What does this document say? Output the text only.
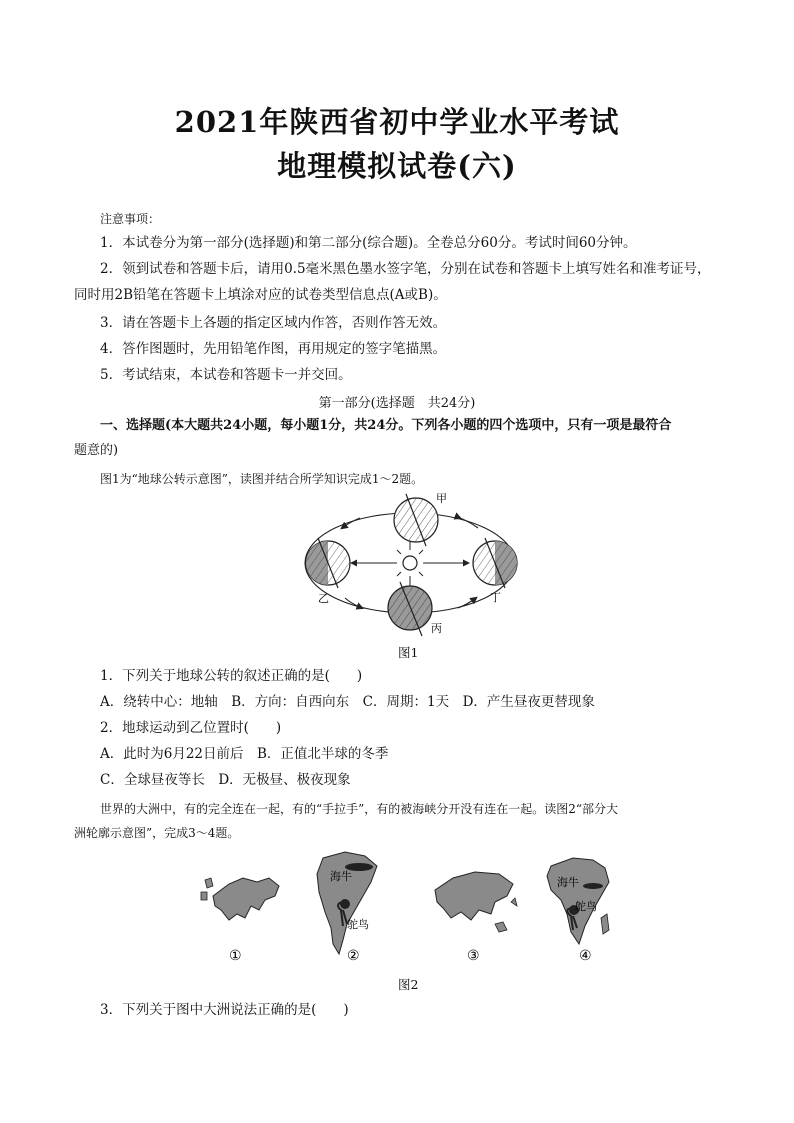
2021年陕西省初中学业水平考试
地理模拟试卷(六)
注意事项：
1．本试卷分为第一部分(选择题)和第二部分(综合题)。全卷总分60分。考试时间60分钟。
2．领到试卷和答题卡后，请用0.5毫米黑色墨水签字笔，分别在试卷和答题卡上填写姓名和准考证号，
同时用2B铅笔在答题卡上填涂对应的试卷类型信息点(A或B)。
3．请在答题卡上各题的指定区域内作答，否则作答无效。
4．答作图题时，先用铅笔作图，再用规定的签字笔描黑。
5．考试结束，本试卷和答题卡一并交回。
第一部分(选择题　共24分)
一、选择题(本大题共24小题，每小题1分，共24分。下列各小题的四个选项中，只有一项是最符合
题意的)
图1为“地球公转示意图”，读图并结合所学知识完成1～2题。
甲
乙
丙
丁
图1
1．下列关于地球公转的叙述正确的是(　　)
A．绕转中心：地轴　B．方向：自西向东　C．周期：1天　D．产生昼夜更替现象
2．地球运动到乙位置时(　　)
A．此时为6月22日前后　B．正值北半球的冬季
C．全球昼夜等长　D．无极昼、极夜现象
世界的大洲中，有的完全连在一起，有的“手拉手”，有的被海峡分开没有连在一起。读图2“部分大
洲轮廓示意图”，完成3～4题。
海牛
鸵鸟
海牛
鸵鸟
①	②	③	④
图2
3．下列关于图中大洲说法正确的是(　　)
